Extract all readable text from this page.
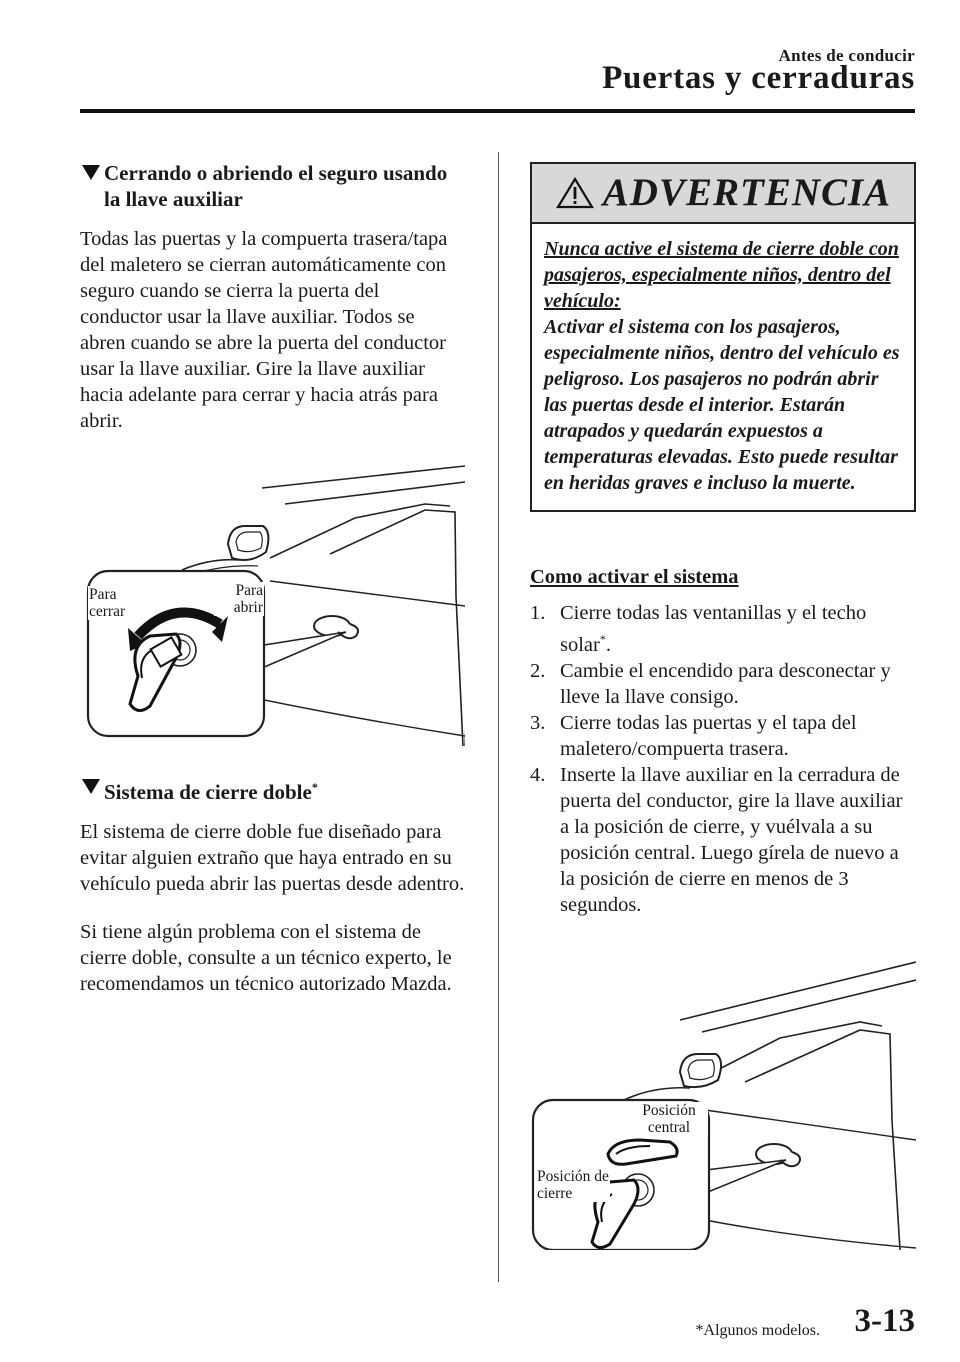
Antes de conducir
Puertas y cerraduras
Cerrando o abriendo el seguro usando la llave auxiliar

Todas las puertas y la compuerta trasera/tapa del maletero se cierran automáticamente con seguro cuando se cierra la puerta del conductor usar la llave auxiliar. Todos se abren cuando se abre la puerta del conductor usar la llave auxiliar. Gire la llave auxiliar hacia adelante para cerrar y hacia atrás para abrir.

Para cerrar
Para abrir
Sistema de cierre doble*

El sistema de cierre doble fue diseñado para evitar alguien extraño que haya entrado en su vehículo pueda abrir las puertas desde adentro.

Si tiene algún problema con el sistema de cierre doble, consulte a un técnico experto, le recomendamos un técnico autorizado Mazda.

ADVERTENCIA
Nunca active el sistema de cierre doble con pasajeros, especialmente niños, dentro del vehículo:
Activar el sistema con los pasajeros, especialmente niños, dentro del vehículo es peligroso. Los pasajeros no podrán abrir las puertas desde el interior. Estarán atrapados y quedarán expuestos a temperaturas elevadas. Esto puede resultar en heridas graves e incluso la muerte.
Como activar el sistema
1. Cierre todas las ventanillas y el techo solar*.
2. Cambie el encendido para desconectar y lleve la llave consigo.
3. Cierre todas las puertas y el tapa del maletero/compuerta trasera.
4. Inserte la llave auxiliar en la cerradura de puerta del conductor, gire la llave auxiliar a la posición de cierre, y vuélvala a su posición central. Luego gírela de nuevo a la posición de cierre en menos de 3 segundos.
Posición central
Posición de cierre
*Algunos modelos. 3-13
